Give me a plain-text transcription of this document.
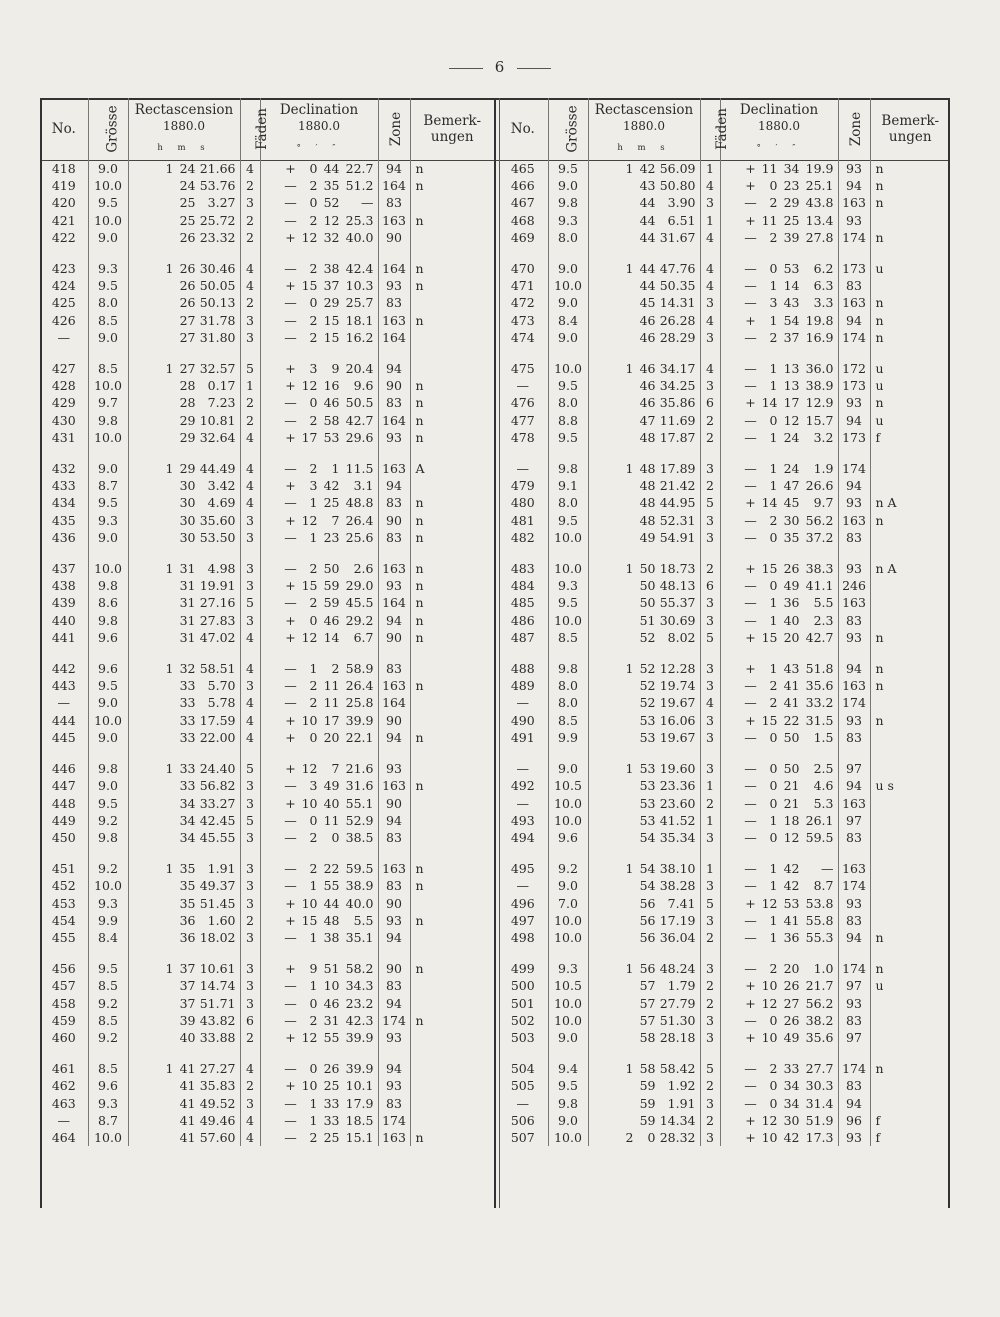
6
No.	Grösse	Rectascension
1880.0
h m s	Fäden	Declination
1880.0
° ′ ″	Zone	Bemerk-
ungen
418	9.0	1 24 21.66	4	+ 0 44 22.7	94	n
419	10.0	24 53.76	2	— 2 35 51.2	164	n
420	9.5	25 3.27	3	— 0 52 —	83	
421	10.0	25 25.72	2	— 2 12 25.3	163	n
422	9.0	26 23.32	2	+ 12 32 40.0	90	

423	9.3	1 26 30.46	4	— 2 38 42.4	164	n
424	9.5	26 50.05	4	+ 15 37 10.3	93	n
425	8.0	26 50.13	2	— 0 29 25.7	83	
426	8.5	27 31.78	3	— 2 15 18.1	163	n
—	9.0	27 31.80	3	— 2 15 16.2	164	

427	8.5	1 27 32.57	5	+ 3 9 20.4	94	
428	10.0	28 0.17	1	+ 12 16 9.6	90	n
429	9.7	28 7.23	2	— 0 46 50.5	83	n
430	9.8	29 10.81	2	— 2 58 42.7	164	n
431	10.0	29 32.64	4	+ 17 53 29.6	93	n

432	9.0	1 29 44.49	4	— 2 1 11.5	163	A
433	8.7	30 3.42	4	+ 3 42 3.1	94	
434	9.5	30 4.69	4	— 1 25 48.8	83	n
435	9.3	30 35.60	3	+ 12 7 26.4	90	n
436	9.0	30 53.50	3	— 1 23 25.6	83	n

437	10.0	1 31 4.98	3	— 2 50 2.6	163	n
438	9.8	31 19.91	3	+ 15 59 29.0	93	n
439	8.6	31 27.16	5	— 2 59 45.5	164	n
440	9.8	31 27.83	3	+ 0 46 29.2	94	n
441	9.6	31 47.02	4	+ 12 14 6.7	90	n

442	9.6	1 32 58.51	4	— 1 2 58.9	83	
443	9.5	33 5.70	3	— 2 11 26.4	163	n
—	9.0	33 5.78	4	— 2 11 25.8	164	
444	10.0	33 17.59	4	+ 10 17 39.9	90	
445	9.0	33 22.00	4	+ 0 20 22.1	94	n

446	9.8	1 33 24.40	5	+ 12 7 21.6	93	
447	9.0	33 56.82	3	— 3 49 31.6	163	n
448	9.5	34 33.27	3	+ 10 40 55.1	90	
449	9.2	34 42.45	5	— 0 11 52.9	94	
450	9.8	34 45.55	3	— 2 0 38.5	83	

451	9.2	1 35 1.91	3	— 2 22 59.5	163	n
452	10.0	35 49.37	3	— 1 55 38.9	83	n
453	9.3	35 51.45	3	+ 10 44 40.0	90	
454	9.9	36 1.60	2	+ 15 48 5.5	93	n
455	8.4	36 18.02	3	— 1 38 35.1	94	

456	9.5	1 37 10.61	3	+ 9 51 58.2	90	n
457	8.5	37 14.74	3	— 1 10 34.3	83	
458	9.2	37 51.71	3	— 0 46 23.2	94	
459	8.5	39 43.82	6	— 2 31 42.3	174	n
460	9.2	40 33.88	2	+ 12 55 39.9	93	

461	8.5	1 41 27.27	4	— 0 26 39.9	94	
462	9.6	41 35.83	2	+ 10 25 10.1	93	
463	9.3	41 49.52	3	— 1 33 17.9	83	
—	8.7	41 49.46	4	— 1 33 18.5	174	
464	10.0	41 57.60	4	— 2 25 15.1	163	n
No.	Grösse	Rectascension
1880.0
h m s	Fäden	Declination
1880.0
° ′ ″	Zone	Bemerk-
ungen
465	9.5	1 42 56.09	1	+ 11 34 19.9	93	n
466	9.0	43 50.80	4	+ 0 23 25.1	94	n
467	9.8	44 3.90	3	— 2 29 43.8	163	n
468	9.3	44 6.51	1	+ 11 25 13.4	93	
469	8.0	44 31.67	4	— 2 39 27.8	174	n

470	9.0	1 44 47.76	4	— 0 53 6.2	173	u
471	10.0	44 50.35	4	— 1 14 6.3	83	
472	9.0	45 14.31	3	— 3 43 3.3	163	n
473	8.4	46 26.28	4	+ 1 54 19.8	94	n
474	9.0	46 28.29	3	— 2 37 16.9	174	n

475	10.0	1 46 34.17	4	— 1 13 36.0	172	u
—	9.5	46 34.25	3	— 1 13 38.9	173	u
476	8.0	46 35.86	6	+ 14 17 12.9	93	n
477	8.8	47 11.69	2	— 0 12 15.7	94	u
478	9.5	48 17.87	2	— 1 24 3.2	173	f

—	9.8	1 48 17.89	3	— 1 24 1.9	174	
479	9.1	48 21.42	2	— 1 47 26.6	94	
480	8.0	48 44.95	5	+ 14 45 9.7	93	n A
481	9.5	48 52.31	3	— 2 30 56.2	163	n
482	10.0	49 54.91	3	— 0 35 37.2	83	

483	10.0	1 50 18.73	2	+ 15 26 38.3	93	n A
484	9.3	50 48.13	6	— 0 49 41.1	246	
485	9.5	50 55.37	3	— 1 36 5.5	163	
486	10.0	51 30.69	3	— 1 40 2.3	83	
487	8.5	52 8.02	5	+ 15 20 42.7	93	n

488	9.8	1 52 12.28	3	+ 1 43 51.8	94	n
489	8.0	52 19.74	3	— 2 41 35.6	163	n
—	8.0	52 19.67	4	— 2 41 33.2	174	
490	8.5	53 16.06	3	+ 15 22 31.5	93	n
491	9.9	53 19.67	3	— 0 50 1.5	83	

—	9.0	1 53 19.60	3	— 0 50 2.5	97	
492	10.5	53 23.36	1	— 0 21 4.6	94	u s
—	10.0	53 23.60	2	— 0 21 5.3	163	
493	10.0	53 41.52	1	— 1 18 26.1	97	
494	9.6	54 35.34	3	— 0 12 59.5	83	

495	9.2	1 54 38.10	1	— 1 42 —	163	
—	9.0	54 38.28	3	— 1 42 8.7	174	
496	7.0	56 7.41	5	+ 12 53 53.8	93	
497	10.0	56 17.19	3	— 1 41 55.8	83	
498	10.0	56 36.04	2	— 1 36 55.3	94	n

499	9.3	1 56 48.24	3	— 2 20 1.0	174	n
500	10.5	57 1.79	2	+ 10 26 21.7	97	u
501	10.0	57 27.79	2	+ 12 27 56.2	93	
502	10.0	57 51.30	3	— 0 26 38.2	83	
503	9.0	58 28.18	3	+ 10 49 35.6	97	

504	9.4	1 58 58.42	5	— 2 33 27.7	174	n
505	9.5	59 1.92	2	— 0 34 30.3	83	
—	9.8	59 1.91	3	— 0 34 31.4	94	
506	9.0	59 14.34	2	+ 12 30 51.9	96	f
507	10.0	2 0 28.32	3	+ 10 42 17.3	93	f
